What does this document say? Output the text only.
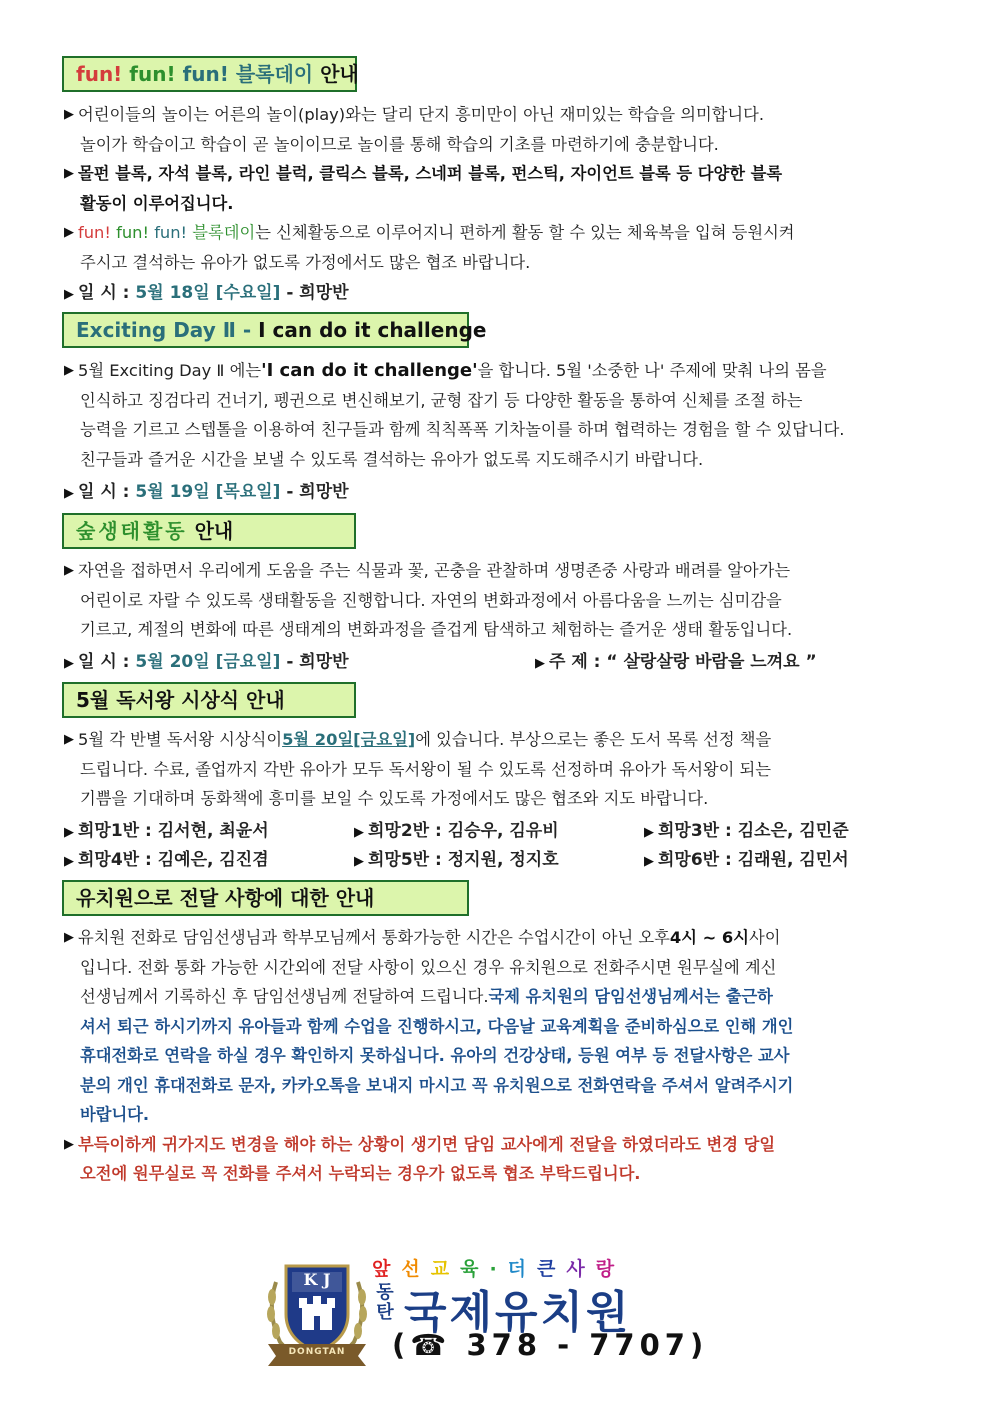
fun! fun! fun! 블록데이 안내
▶ 어린이들의 놀이는 어른의 놀이(play)와는 달리 단지 흥미만이 아닌 재미있는 학습을 의미합니다.
놀이가 학습이고 학습이 곧 놀이이므로 놀이를 통해 학습의 기초를 마련하기에 충분합니다.
▶ 몰펀 블록, 자석 블록, 라인 블럭, 클릭스 블록, 스네퍼 블록, 펀스틱, 자이언트 블록 등 다양한 블록
활동이 이루어집니다.
▶ fun!
fun!
fun!
블록데이 는 신체활동으로 이루어지니 편하게 활동 할 수 있는 체육복을 입혀 등원시켜
주시고 결석하는 유아가 없도록 가정에서도 많은 협조 바랍니다.
▶ 일 시 : 5월 18일 [수요일] - 희망반
Exciting Day Ⅱ - I can do it challenge
▶ 5월 Exciting Day Ⅱ 에는 'I can do it challenge' 을 합니다. 5월 '소중한 나' 주제에 맞춰 나의 몸을
인식하고 징검다리 건너기, 펭귄으로 변신해보기, 균형 잡기 등 다양한 활동을 통하여 신체를 조절 하는
능력을 기르고 스텝톨을 이용하여 친구들과 함께 칙칙폭폭 기차놀이를 하며 협력하는 경험을 할 수 있답니다.
친구들과 즐거운 시간을 보낼 수 있도록 결석하는 유아가 없도록 지도해주시기 바랍니다.
▶ 일 시 : 5월 19일 [목요일] - 희망반
숲생태활동 안내
▶ 자연을 접하면서 우리에게 도움을 주는 식물과 꽃, 곤충을 관찰하며 생명존중 사랑과 배려를 알아가는
어린이로 자랄 수 있도록 생태활동을 진행합니다. 자연의 변화과정에서 아름다움을 느끼는 심미감을
기르고, 계절의 변화에 따른 생태계의 변화과정을 즐겁게 탐색하고 체험하는 즐거운 생태 활동입니다.
▶ 일 시 : 5월 20일 [금요일] - 희망반	▶ 주 제 : “ 살랑살랑 바람을 느껴요 ”
5월 독서왕 시상식 안내
▶ 5월 각 반별 독서왕 시상식이 5월 20일[금요일] 에 있습니다. 부상으로는 좋은 도서 목록 선정 책을
드립니다. 수료, 졸업까지 각반 유아가 모두 독서왕이 될 수 있도록 선정하며 유아가 독서왕이 되는
기쁨을 기대하며 동화책에 흥미를 보일 수 있도록 가정에서도 많은 협조와 지도 바랍니다.
▶ 희망1반 : 김서현, 최윤서	▶ 희망2반 : 김승우, 김유비	▶ 희망3반 : 김소은, 김민준
▶ 희망4반 : 김예은, 김진겸	▶ 희망5반 : 정지원, 정지호	▶ 희망6반 : 김래원, 김민서
유치원으로 전달 사항에 대한 안내
▶ 유치원 전화로 담임선생님과 학부모님께서 통화가능한 시간은 수업시간이 아닌 오후 4시 ~ 6시 사이
입니다. 전화 통화 가능한 시간외에 전달 사항이 있으신 경우 유치원으로 전화주시면 원무실에 계신
선생님께서 기록하신 후 담임선생님께 전달하여 드립니다. 국제 유치원의 담임선생님께서는 출근하
셔서 퇴근 하시기까지 유아들과 함께 수업을 진행하시고, 다음날 교육계획을 준비하심으로 인해 개인
휴대전화로 연락을 하실 경우 확인하지 못하십니다. 유아의 건강상태, 등원 여부 등 전달사항은 교사
분의 개인 휴대전화로 문자, 카카오톡을 보내지 마시고 꼭 유치원으로 전화연락을 주셔서 알려주시기
바랍니다.
▶ 부득이하게 귀가지도 변경을 해야 하는 상황이 생기면 담임 교사에게 전달을 하였더라도 변경 당일
오전에 원무실로 꼭 전화를 주셔서 누락되는 경우가 없도록 협조 부탁드립니다.
K J
DONGTAN
앞선교육·더큰사랑
동
탄 국제유치원
(☎ 378 - 7707)
